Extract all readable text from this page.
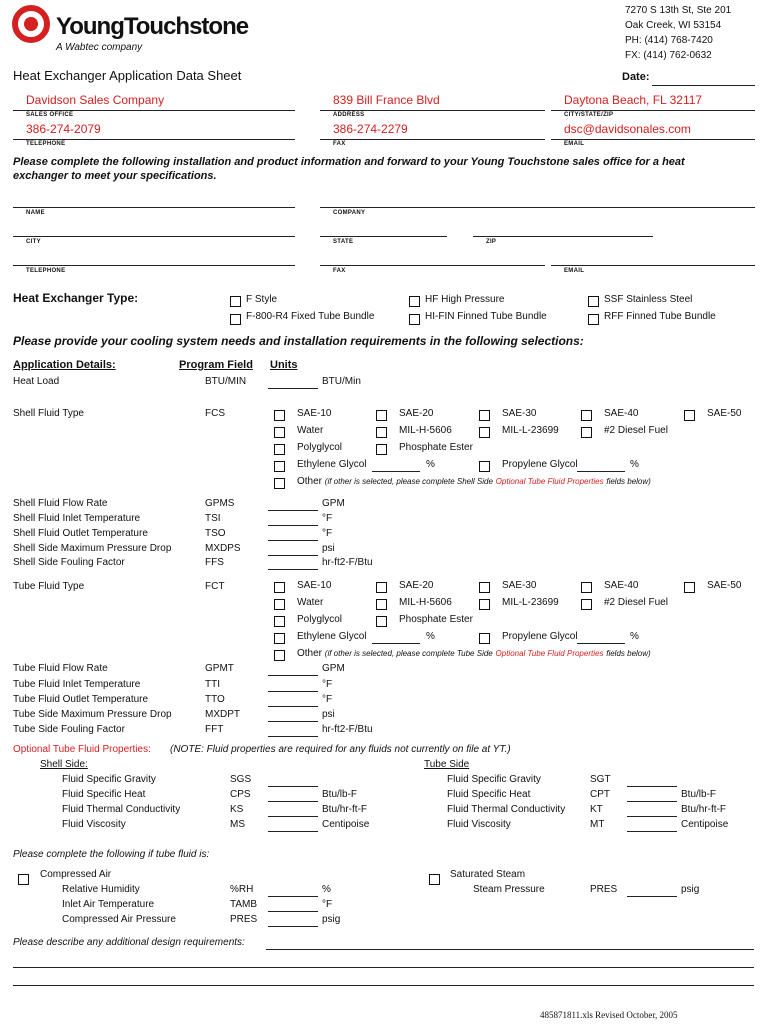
YoungTouchstone
A Wabtec company
7270 S 13th St, Ste 201
Oak Creek, WI 53154
PH: (414) 768-7420
FX: (414) 762-0632
Heat Exchanger Application Data Sheet	Date:
Davidson Sales Company	839 Bill France Blvd	Daytona Beach, FL 32117
SALES OFFICE	ADDRESS	CITY/STATE/ZIP
386-274-2079	386-274-2279	dsc@davidsonales.com
TELEPHONE	FAX	EMAIL
Please complete the following installation and product information and forward to your Young Touchstone sales office for a heat exchanger to meet your specifications.
NAME	COMPANY
CITY	STATE	ZIP
TELEPHONE	FAX	EMAIL
Heat Exchanger Type:	F Style
F-800-R4 Fixed Tube Bundle
HF High Pressure
HI-FIN Finned Tube Bundle
SSF Stainless Steel
RFF Finned Tube Bundle
Please provide your cooling system needs and installation requirements in the following selections:
Application Details:	Program Field Units
Heat Load	BTU/MIN	BTU/Min
Shell Fluid Type	FCS	SAE-10	SAE-20	SAE-30	SAE-40	SAE-50
Water	MIL-H-5606	MIL-L-23699	#2 Diesel Fuel
Polyglycol	Phosphate Ester
Ethylene Glycol	%	Propylene Glycol	%
Other (if other is selected, please complete Shell Side Optional Tube Fluid Properties fields below)
Shell Fluid Flow Rate	GPMS	GPM
Shell Fluid Inlet Temperature	TSI	°F
Shell Fluid Outlet Temperature	TSO	°F
Shell Side Maximum Pressure Drop	MXDPS	psi
Shell Side Fouling Factor	FFS	hr-ft2-F/Btu
Tube Fluid Type	FCT	SAE-10	SAE-20	SAE-30	SAE-40	SAE-50
Water	MIL-H-5606	MIL-L-23699	#2 Diesel Fuel
Polyglycol	Phosphate Ester
Ethylene Glycol	%	Propylene Glycol	%
Other (if other is selected, please complete Tube Side Optional Tube Fluid Properties fields below)
Tube Fluid Flow Rate	GPMT	GPM
Tube Fluid Inlet Temperature	TTI	°F
Tube Fluid Outlet Temperature	TTO	°F
Tube Side Maximum Pressure Drop	MXDPT	psi
Tube Side Fouling Factor	FFT	hr-ft2-F/Btu
Optional Tube Fluid Properties: (NOTE: Fluid properties are required for any fluids not currently on file at YT.)
Shell Side:	Tube Side
Fluid Specific Gravity	SGS
Fluid Specific Heat	CPS	Btu/lb-F
Fluid Thermal Conductivity	KS	Btu/hr-ft-F
Fluid Viscosity	MS	Centipoise
Fluid Specific Gravity	SGT
Fluid Specific Heat	CPT	Btu/lb-F
Fluid Thermal Conductivity KT	Btu/hr-ft-F
Fluid Viscosity	MT	Centipoise
Please complete the following if tube fluid is:
Compressed Air
Relative Humidity	%RH	%
Inlet Air Temperature	TAMB	°F
Compressed Air Pressure	PRES	psig
Saturated Steam
Steam Pressure	PRES	psig
Please describe any additional design requirements:
485871811.xls Revised October, 2005
